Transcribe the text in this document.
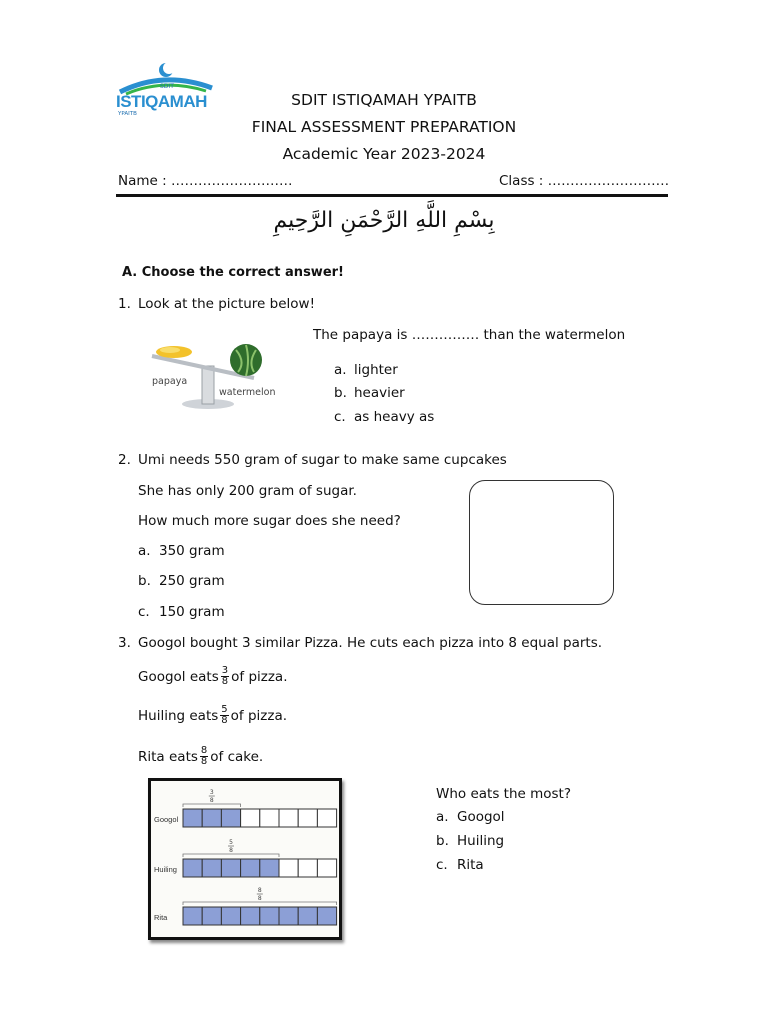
SDIT
ISTIQAMAH
YPAITB
SDIT ISTIQAMAH YPAITB
FINAL ASSESSMENT PREPARATION
Academic Year 2023-2024
Name : ………………………	Class : ………………………
بِسْمِ اللَّهِ الرَّحْمَنِ الرَّحِيمِ
A. Choose the correct answer!
1. Look at the picture below!
The papaya is …………… than the watermelon
papaya
watermelon
a. lighter
b. heavier
c. as heavy as
2. Umi needs 550 gram of sugar to make same cupcakes
She has only 200 gram of sugar.
How much more sugar does she need?
a. 350 gram
b. 250 gram
c. 150 gram
3. Googol bought 3 similar Pizza. He cuts each pizza into 8 equal parts.
Googol eats $\frac{3}{8}$ of pizza.
Huiling eats $\frac{5}{8}$ of pizza.
Rita eats $\frac{8}{8}$ of cake.
Googol
3
8
Huiling
5
8
Rita
8
8
Who eats the most?
a. Googol
b. Huiling
c. Rita
